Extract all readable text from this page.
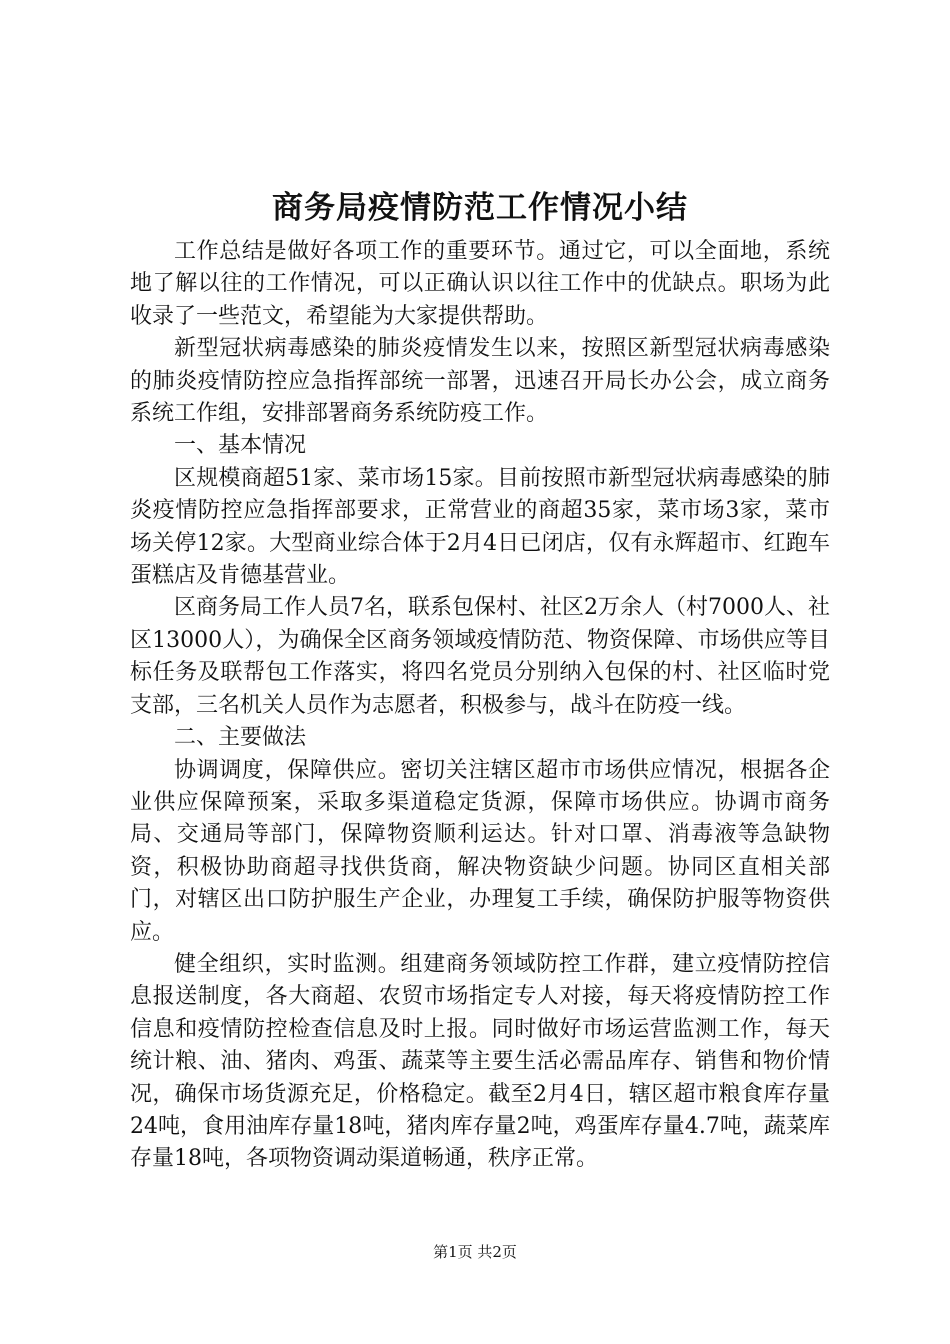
商务局疫情防范工作情况小结

工作总结是做好各项工作的重要环节。通过它，可以全面地，系统地了解以往的工作情况，可以正确认识以往工作中的优缺点。职场为此收录了一些范文，希望能为大家提供帮助。

新型冠状病毒感染的肺炎疫情发生以来，按照区新型冠状病毒感染的肺炎疫情防控应急指挥部统一部署，迅速召开局长办公会，成立商务系统工作组，安排部署商务系统防疫工作。

一、基本情况

区规模商超51家、菜市场15家。目前按照市新型冠状病毒感染的肺炎疫情防控应急指挥部要求，正常营业的商超35家，菜市场3家，菜市场关停12家。大型商业综合体于2月4日已闭店，仅有永辉超市、红跑车蛋糕店及肯德基营业。

区商务局工作人员7名，联系包保村、社区2万余人（村7000人、社区13000人），为确保全区商务领域疫情防范、物资保障、市场供应等目标任务及联帮包工作落实，将四名党员分别纳入包保的村、社区临时党支部，三名机关人员作为志愿者，积极参与，战斗在防疫一线。

二、主要做法

协调调度，保障供应。密切关注辖区超市市场供应情况，根据各企业供应保障预案，采取多渠道稳定货源，保障市场供应。协调市商务局、交通局等部门，保障物资顺利运达。针对口罩、消毒液等急缺物资，积极协助商超寻找供货商，解决物资缺少问题。协同区直相关部门，对辖区出口防护服生产企业，办理复工手续，确保防护服等物资供应。

健全组织，实时监测。组建商务领域防控工作群，建立疫情防控信息报送制度，各大商超、农贸市场指定专人对接，每天将疫情防控工作信息和疫情防控检查信息及时上报。同时做好市场运营监测工作，每天统计粮、油、猪肉、鸡蛋、蔬菜等主要生活必需品库存、销售和物价情况，确保市场货源充足，价格稳定。截至2月4日，辖区超市粮食库存量24吨，食用油库存量18吨，猪肉库存量2吨，鸡蛋库存量4.7吨，蔬菜库存量18吨，各项物资调动渠道畅通，秩序正常。

第1页 共2页
